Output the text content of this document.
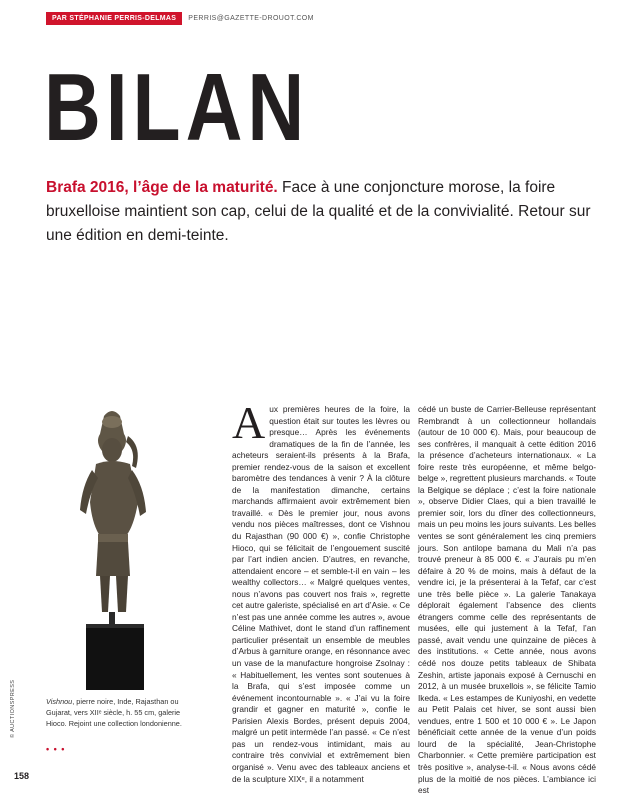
PAR STÉPHANIE PERRIS-DELMAS	PERRIS@GAZETTE-DROUOT.COM
BILAN
Brafa 2016, l’âge de la maturité. Face à une conjoncture morose, la foire bruxelloise maintient son cap, celui de la qualité et de la convivialité. Retour sur une édition en demi-teinte.
Vishnou, pierre noire, Inde, Rajasthan ou Gujarat, vers XIIᵉ siècle, h. 55 cm, galerie Hioco. Rejoint une collection londonienne.
• • •
© AUCTIONSPRESS
158
Aux premières heures de la foire, la question était sur toutes les lèvres ou presque… Après les événements dramatiques de la fin de l’année, les acheteurs seraient-ils présents à la Brafa, premier rendez-vous de la saison et excellent baromètre des tendances à venir ? À la clôture de la manifestation dimanche, certains marchands affirmaient avoir extrêmement bien travaillé. « Dès le premier jour, nous avons vendu nos pièces maîtresses, dont ce Vishnou du Rajasthan (90 000 €) », confie Christophe Hioco, qui se félicitait de l’engouement suscité par l’art indien ancien. D’autres, en revanche, attendaient encore – et semble-t-il en vain – les wealthy collectors… « Malgré quelques ventes, nous n’avons pas couvert nos frais », regrette cet autre galeriste, spécialisé en art d’Asie. « Ce n’est pas une année comme les autres », avoue Céline Mathivet, dont le stand d’un raffinement particulier présentait un ensemble de meubles d’Arbus à garniture orange, en résonnance avec un vase de la manufacture hongroise Zsolnay : « Habituellement, les ventes sont soutenues à la Brafa, qui s’est imposée comme un événement incontournable ». « J’ai vu la foire grandir et gagner en maturité », confie le Parisien Alexis Bordes, présent depuis 2004, malgré un petit intermède l’an passé. « Ce n’est pas un rendez-vous intimidant, mais au contraire très convivial et extrêmement bien organisé ». Venu avec des tableaux anciens et de la sculpture XIXᵉ, il a notamment
cédé un buste de Carrier-Belleuse représentant Rembrandt à un collectionneur hollandais (autour de 10 000 €). Mais, pour beaucoup de ses confrères, il manquait à cette édition 2016 la présence d’acheteurs internationaux. « La foire reste très européenne, et même belgo-belge », regrettent plusieurs marchands. « Toute la Belgique se déplace ; c’est la foire nationale », observe Didier Claes, qui a bien travaillé le premier soir, lors du dîner des collectionneurs, mais un peu moins les jours suivants. Les belles ventes se sont généralement les cinq premiers jours. Son antilope bamana du Mali n’a pas trouvé preneur à 85 000 €. « J’aurais pu m’en défaire à 20 % de moins, mais à défaut de la vendre ici, je la présenterai à la Tefaf, car c’est une très belle pièce ». La galerie Tanakaya déplorait également l’absence des clients étrangers comme celle des représentants de musées, elle qui justement à la Tefaf, l’an passé, avait vendu une quinzaine de pièces à des institutions. « Cette année, nous avons cédé nos douze petits tableaux de Shibata Zeshin, artiste japonais exposé à Cernuschi en 2012, à un musée bruxellois », se félicite Tamio Ikeda. « Les estampes de Kuniyoshi, en vedette au Petit Palais cet hiver, se sont aussi bien vendues, entre 1 500 et 10 000 € ». Le Japon bénéficiait cette année de la venue d’un poids lourd de la spécialité, Jean-Christophe Charbonnier. « Cette première participation est très positive », analyse-t-il. « Nous avons cédé plus de la moitié de nos pièces. L’ambiance ici est
